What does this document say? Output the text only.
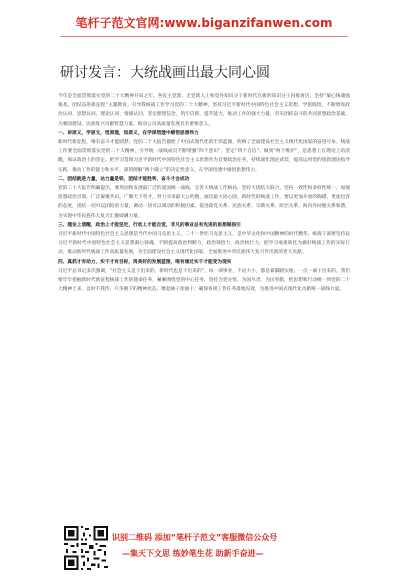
笔杆子范文官网:www.biganzifanwen.com
研讨发言：大统战画出最大同心圆

今年是全面贯彻落实党的二十大精神开局之年。各民主党派、无党派人士和党外知识分子新时代在新的知识分子再接再厉，坚持“凝心铸魂强根基，团结奋进新征程”主题教育。引导我统战工作学习党的二十大精神，坚持习近平新时代中国特色社会主义思想，学思践悟。不断增进政治认同、思想认同、理论认同、情感认同，坚定理想信念，筑牢信仰，提升能力，推动工作的强大力量，有实团结奋斗的共同思想政治基础，为强国建设、民族复兴贡献智慧力量，推动公司高质量发展具有重要意义。

一、讲原义，学原文，悟原理，知原义，在学深悟透中感悟思想伟力

新时代新征程，唯有奋斗才能圆梦。党的二十大报告描绘了中国式现代化的宏伟蓝图，吹响了全面建设社会主义现代化国家的奋进号角。统战工作要全面贯彻落实党的二十大精神，引导统一战线成员不断增强“四个意识”、坚定“四个自信”、做到“两个维护”，是思想上在理论上的清醒，保证政治上的坚定。把学习贯彻习近平新时代中国特色社会主义思想作为首要政治任务，持续深化理论武装，提高运用党的创新理论指导实践、推动工作的能力和水平。深刻理解“两个确立”的决定性意义，在学深悟透中感悟思想伟力。

二、团结就是力量，达力量是铁，团结才能胜利，奋斗才会成功

党的二十大报告明确提出，要巩固和发展最广泛的爱国统一战线，完善大统战工作格局，坚持大团结大联合，坚持一致性和多样性统一，加强思想政治引领，广泛凝聚共识，广聚天下英才，努力寻求最大公约数、画出最大同心圆。新时代的统战工作，要以更加开放的胸襟、更加包容的态度，团结一切可以团结的力量，调动一切可以调动的积极因素，促进政党关系、民族关系、宗教关系、阶层关系、海内外同胞关系和谐，为实现中华民族伟大复兴汇聚磅礴力量。

三、理论上清醒，政治上才能坚定，行动上才能自觉，非凡的事业总有先进的思想做指引

习近平新时代中国特色社会主义思想是当代中国马克思主义、二十一世纪马克思主义，是中华文化和中国精神的时代精华。统战干部要坚持以习近平新时代中国特色社会主义思想凝心铸魂，不断提高政治判断力、政治领悟力、政治执行力，把学习成果转化为做好统战工作的实际行动，推动新时代统战工作高质量发展，为全面建设社会主义现代化国家、全面推进中华民族伟大复兴作出新的更大贡献。

四、真抓才有动力，实干才有目标，再美好的发展蓝图，唯有通过实干才能变为现实

习近平总书记多次强调，“社会主义是干出来的，新时代也是干出来的”。每一项事业，不论大小，都是靠脚踏实地、一点一滴干出来的。我们要牢牢把握新时代新征程统战工作的使命任务，紧紧围绕党的中心任务，坚持为党分忧、为国尽责、为民奉献，把思想和行动统一到党的二十大精神上来，以时不我待、只争朝夕的精神状态，撸起袖子加油干，确保各项工作任务落地见效，为推进中国式现代化贡献统一战线力量。

识别二维码 添加“笔杆子范文”客服微信公众号
—集天下文思 练妙笔生花 助新手奋进—
